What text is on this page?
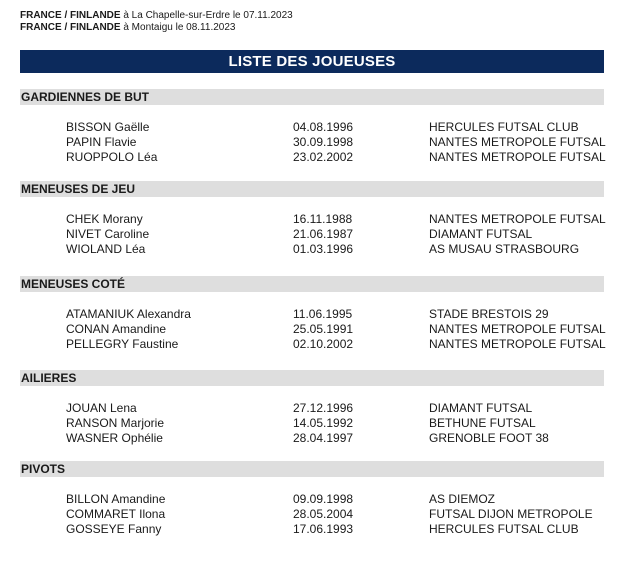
FRANCE / FINLANDE à La Chapelle-sur-Erdre le 07.11.2023
FRANCE / FINLANDE à Montaigu le 08.11.2023
LISTE DES JOUEUSES
GARDIENNES DE BUT
BISSON Gaëlle	04.08.1996	HERCULES FUTSAL CLUB
PAPIN Flavie	30.09.1998	NANTES METROPOLE FUTSAL
RUOPPOLO Léa	23.02.2002	NANTES METROPOLE FUTSAL
MENEUSES DE JEU
CHEK Morany	16.11.1988	NANTES METROPOLE FUTSAL
NIVET Caroline	21.06.1987	DIAMANT FUTSAL
WIOLAND Léa	01.03.1996	AS MUSAU STRASBOURG
MENEUSES COTÉ
ATAMANIUK Alexandra	11.06.1995	STADE BRESTOIS 29
CONAN Amandine	25.05.1991	NANTES METROPOLE FUTSAL
PELLEGRY Faustine	02.10.2002	NANTES METROPOLE FUTSAL
AILIERES
JOUAN Lena	27.12.1996	DIAMANT FUTSAL
RANSON Marjorie	14.05.1992	BETHUNE FUTSAL
WASNER Ophélie	28.04.1997	GRENOBLE FOOT 38
PIVOTS
BILLON Amandine	09.09.1998	AS DIEMOZ
COMMARET Ilona	28.05.2004	FUTSAL DIJON METROPOLE
GOSSEYE Fanny	17.06.1993	HERCULES FUTSAL CLUB
